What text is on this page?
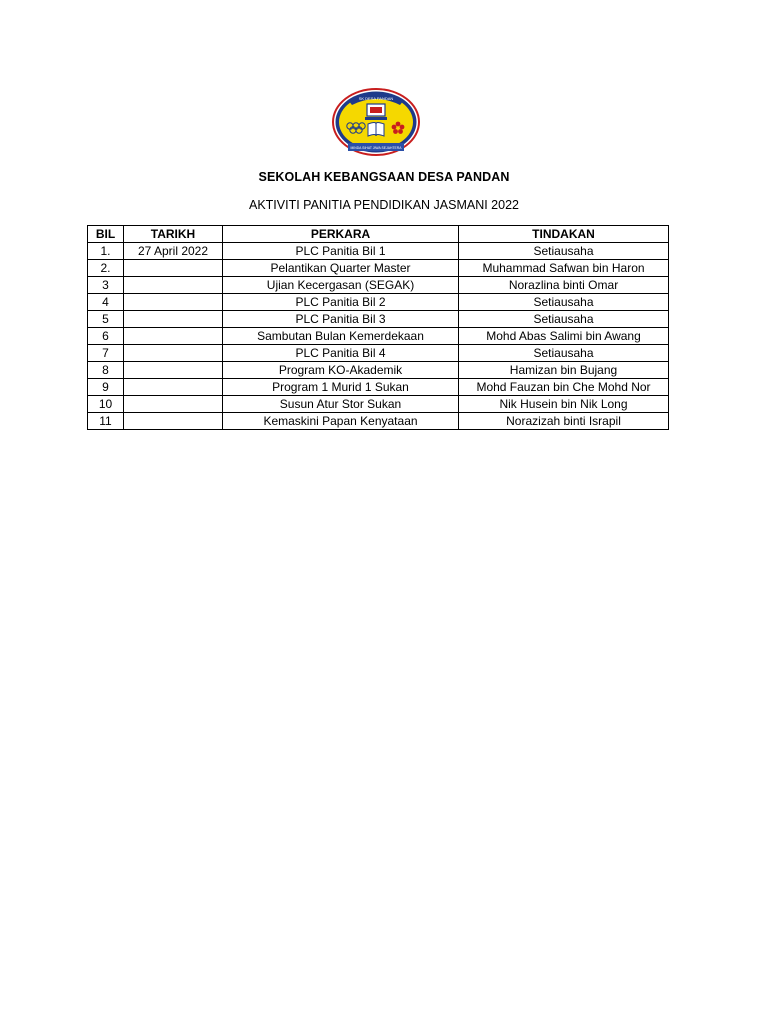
SK DESA PANDAN
MINDA SIHAT JIWA SEJAHTERA
SEKOLAH KEBANGSAAN DESA PANDAN
AKTIVITI PANITIA PENDIDIKAN JASMANI 2022
BIL	TARIKH	PERKARA	TINDAKAN
1.	27 April 2022	PLC Panitia Bil 1	Setiausaha
2.		Pelantikan Quarter Master	Muhammad Safwan bin Haron
3		Ujian Kecergasan (SEGAK)	Norazlina binti Omar
4		PLC Panitia Bil 2	Setiausaha
5		PLC Panitia Bil 3	Setiausaha
6		Sambutan Bulan Kemerdekaan	Mohd Abas Salimi bin Awang
7		PLC Panitia Bil 4	Setiausaha
8		Program KO-Akademik	Hamizan bin Bujang
9		Program 1 Murid 1 Sukan	Mohd Fauzan bin Che Mohd Nor
10		Susun Atur Stor Sukan	Nik Husein bin Nik Long
11		Kemaskini Papan Kenyataan	Norazizah binti Israpil
